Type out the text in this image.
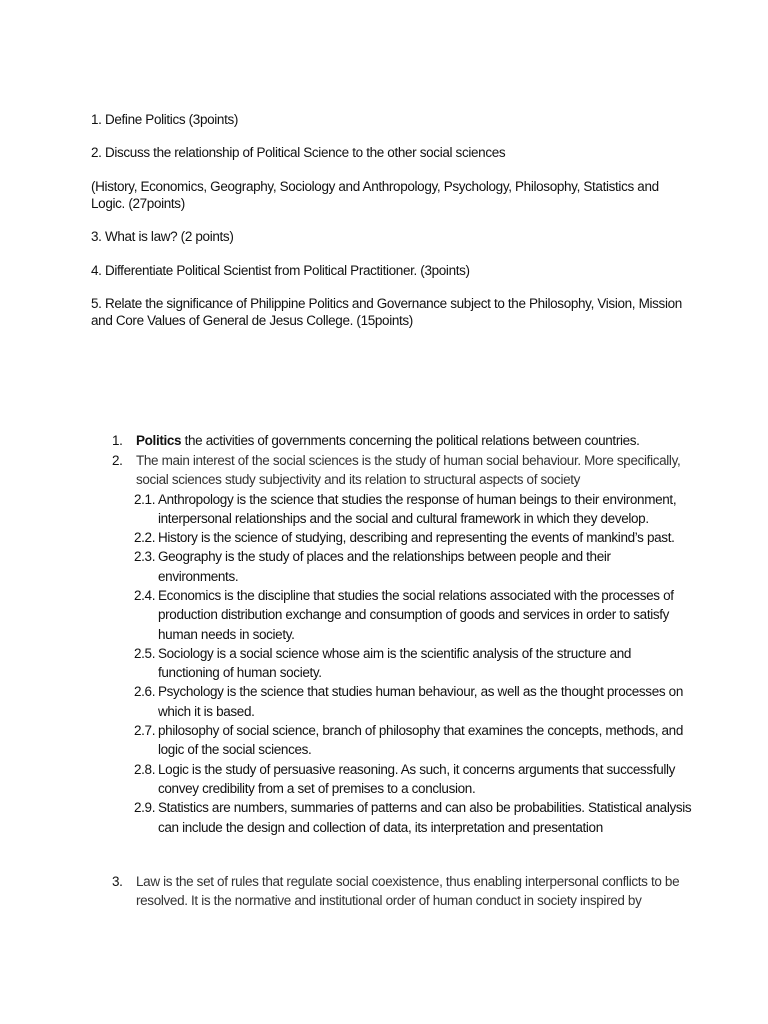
1. Define Politics (3points)

2. Discuss the relationship of Political Science to the other social sciences

(History, Economics, Geography, Sociology and Anthropology, Psychology, Philosophy, Statistics and Logic. (27points)

3. What is law? (2 points)

4. Differentiate Political Scientist from Political Practitioner. (3points)

5. Relate the significance of Philippine Politics and Governance subject to the Philosophy, Vision, Mission and Core Values of General de Jesus College. (15points)

1. Politics the activities of governments concerning the political relations between countries.
2. The main interest of the social sciences is the study of human social behaviour. More specifically, social sciences study subjectivity and its relation to structural aspects of society
2.1. Anthropology is the science that studies the response of human beings to their environment, interpersonal relationships and the social and cultural framework in which they develop.
2.2. History is the science of studying, describing and representing the events of mankind’s past.
2.3. Geography is the study of places and the relationships between people and their environments.
2.4. Economics is the discipline that studies the social relations associated with the processes of production distribution exchange and consumption of goods and services in order to satisfy human needs in society.
2.5. Sociology is a social science whose aim is the scientific analysis of the structure and functioning of human society.
2.6. Psychology is the science that studies human behaviour, as well as the thought processes on which it is based.
2.7. philosophy of social science, branch of philosophy that examines the concepts, methods, and logic of the social sciences.
2.8. Logic is the study of persuasive reasoning. As such, it concerns arguments that successfully convey credibility from a set of premises to a conclusion.
2.9. Statistics are numbers, summaries of patterns and can also be probabilities. Statistical analysis can include the design and collection of data, its interpretation and presentation
3. Law is the set of rules that regulate social coexistence, thus enabling interpersonal conflicts to be resolved. It is the normative and institutional order of human conduct in society inspired by
